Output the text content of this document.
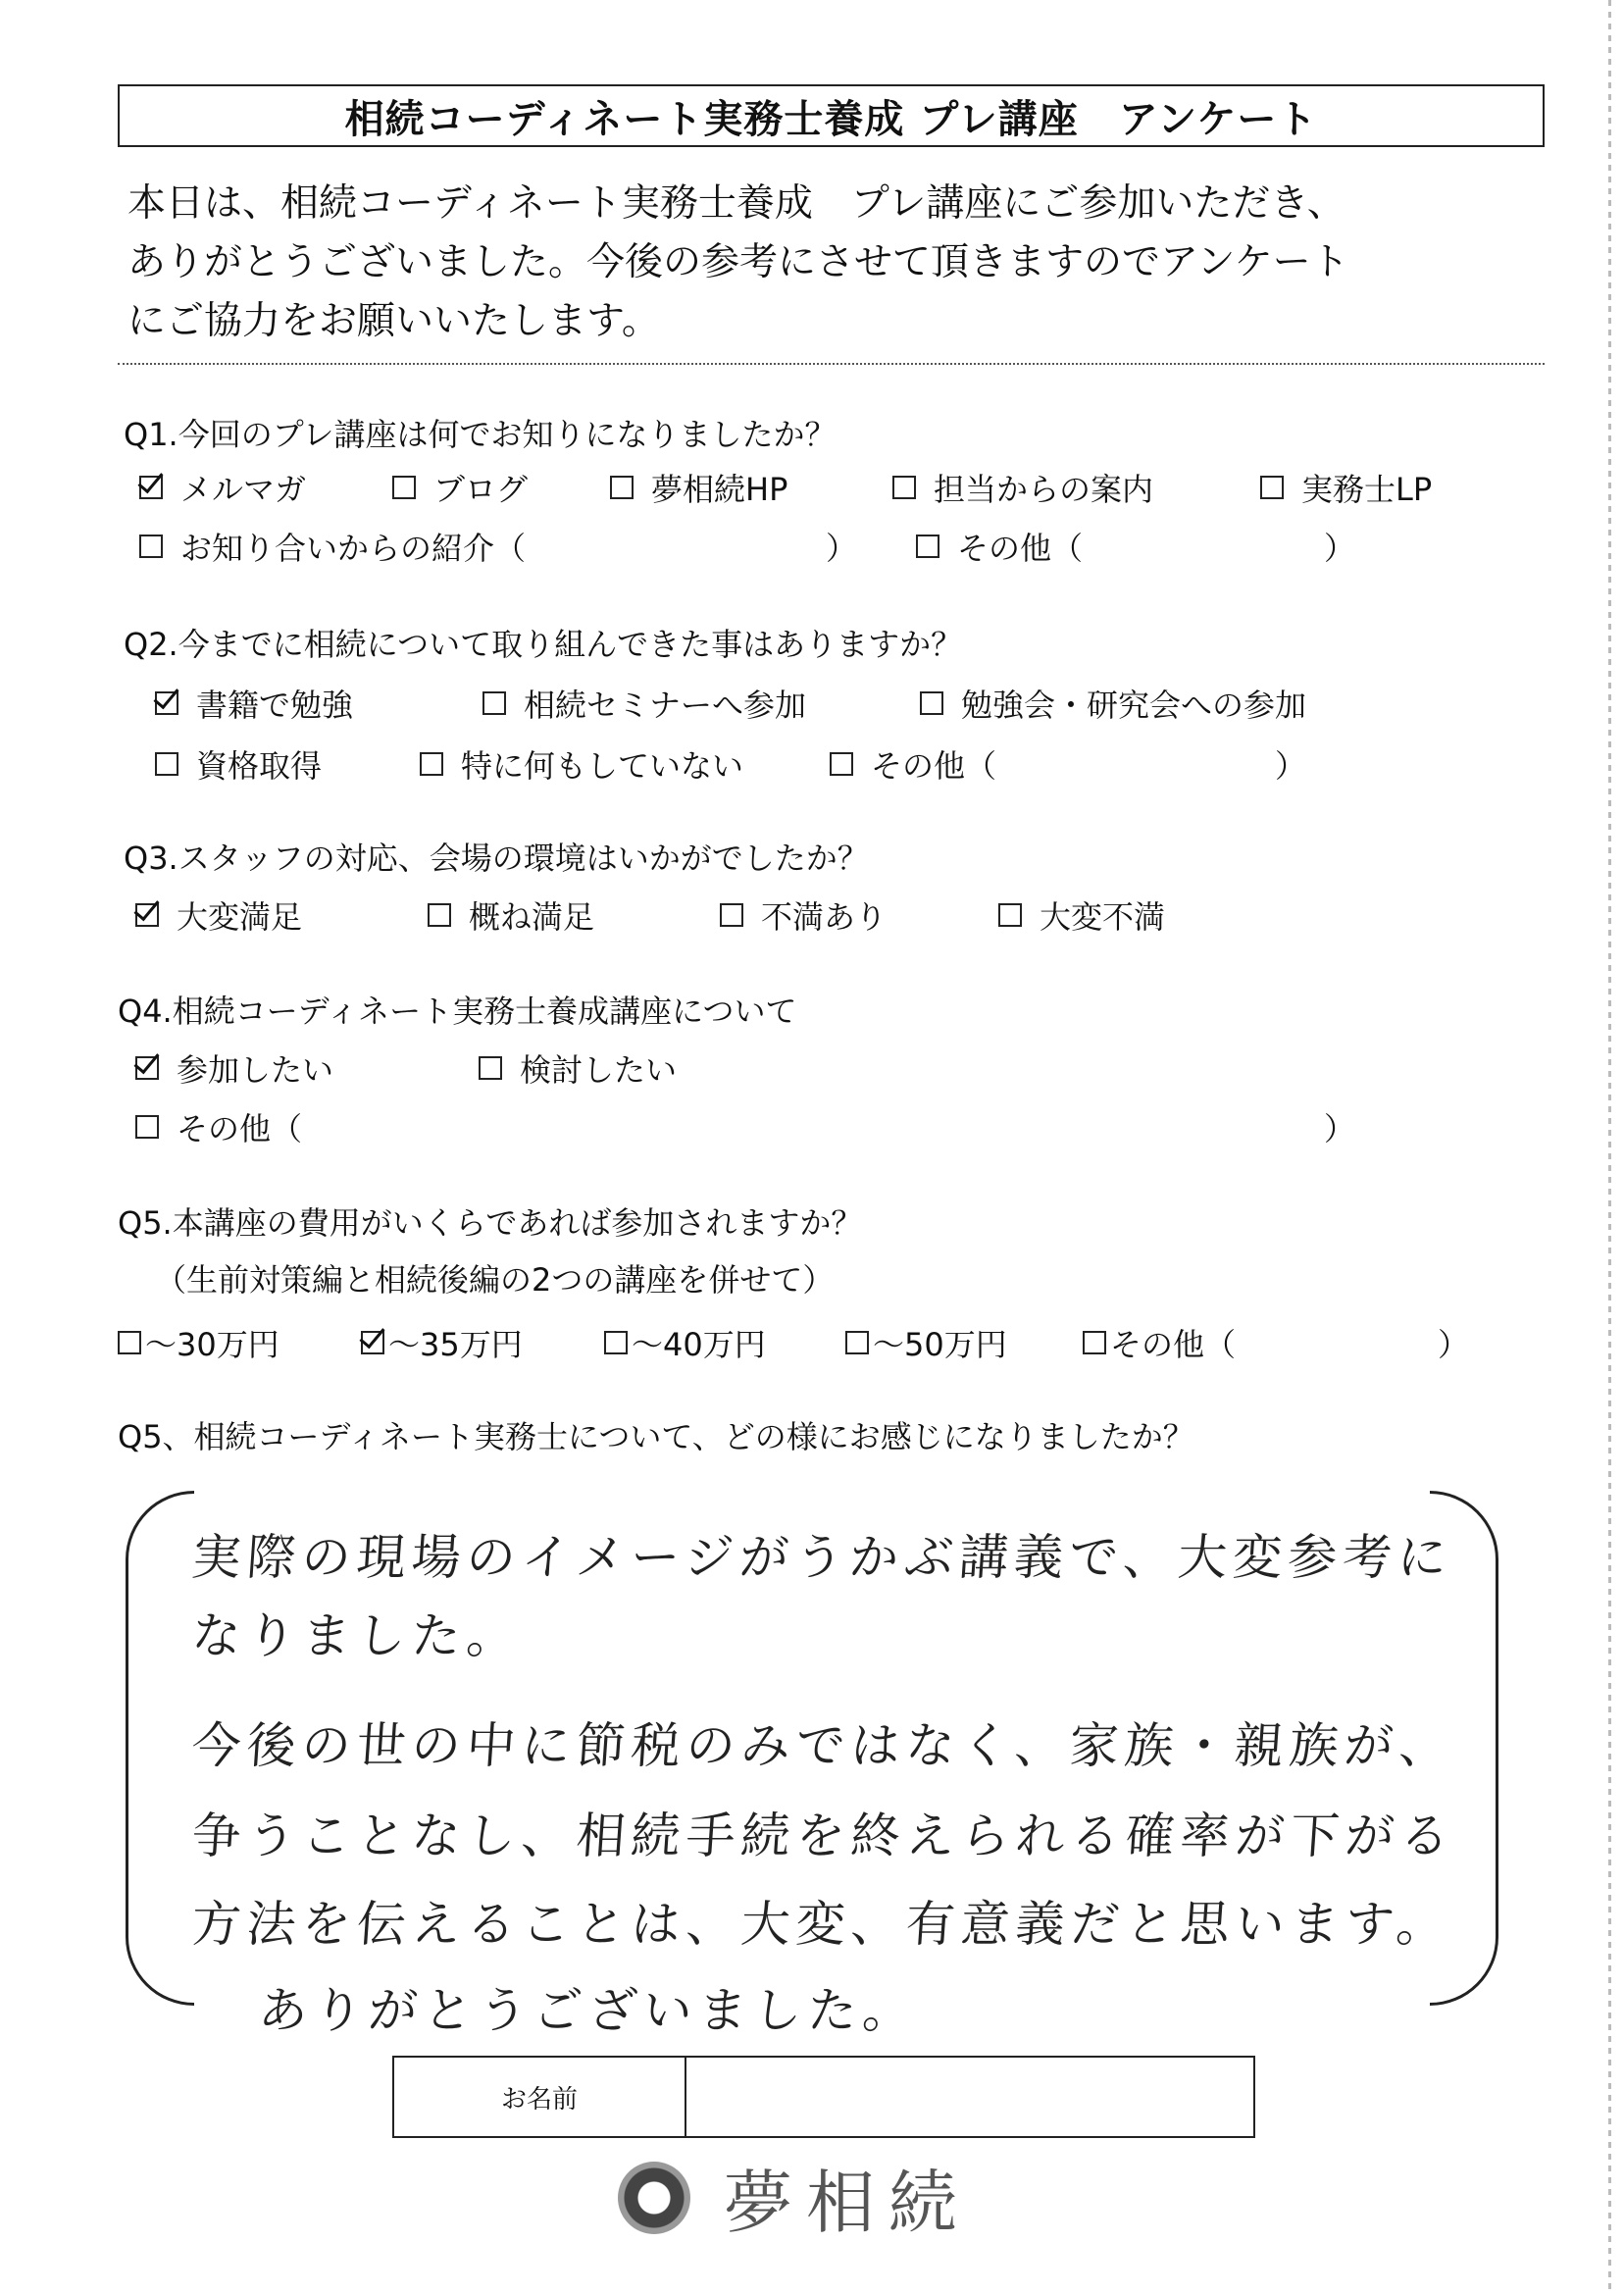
相続コーディネート実務士養成 プレ講座　アンケート
本日は、相続コーディネート実務士養成　プレ講座にご参加いただき、
ありがとうございました。今後の参考にさせて頂きますのでアンケート
にご協力をお願いいたします。
Q1.今回のプレ講座は何でお知りになりましたか？
メルマガ	ブログ	夢相続HP	担当からの案内	実務士LP
お知り合いからの紹介（	）	その他（	）
Q2.今までに相続について取り組んできた事はありますか？
書籍で勉強	相続セミナーへ参加	勉強会・研究会への参加
資格取得	特に何もしていない	その他（	）
Q3.スタッフの対応、会場の環境はいかがでしたか？
大変満足	概ね満足	不満あり	大変不満
Q4.相続コーディネート実務士養成講座について
参加したい	検討したい
その他（	）
Q5.本講座の費用がいくらであれば参加されますか？
（生前対策編と相続後編の2つの講座を併せて）
～30万円	～35万円	～40万円	～50万円	その他（	）
Q5、相続コーディネート実務士について、どの様にお感じになりましたか？
実際の現場のイメージがうかぶ講義で、大変参考に
なりました。
今後の世の中に節税のみではなく、家族・親族が、
争うことなし、相続手続を終えられる確率が下がる
方法を伝えることは、大変、有意義だと思います。
ありがとうございました。
お名前
夢相続
